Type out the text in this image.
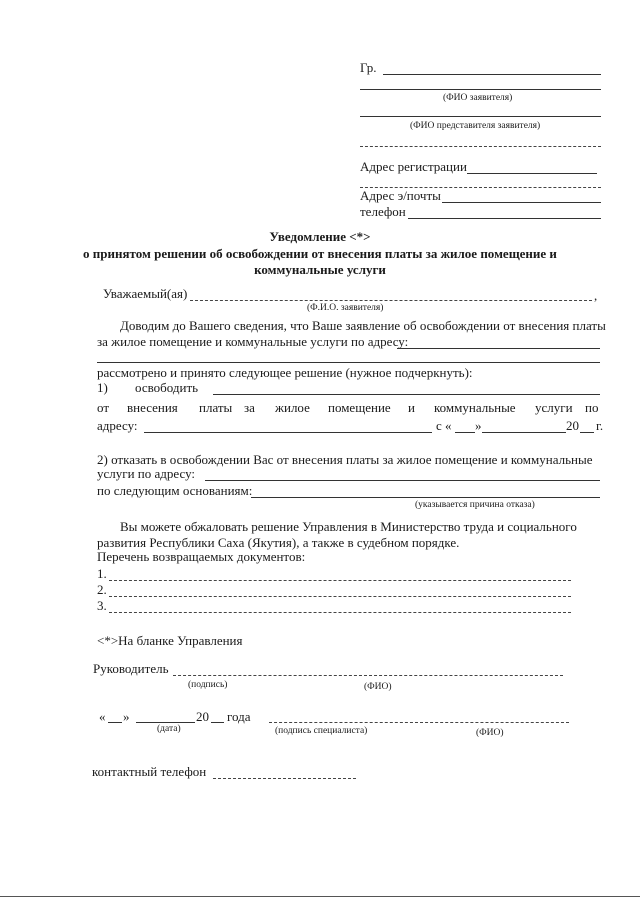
Гр.
(ФИО заявителя)
(ФИО представителя заявителя)
Адрес регистрации
Адрес э/почты
телефон
Уведомление <*>
о принятом решении об освобождении от внесения платы за жилое помещение и
коммунальные услуги
Уважаемый(ая)	,
(Ф.И.О. заявителя)
Доводим до Вашего сведения, что Ваше заявление об освобождении от внесения платы
за жилое помещение и коммунальные услуги по адресу:
рассмотрено и принято следующее решение (нужное подчеркнуть):
1) освободить
от внесения платы за жилое помещение и коммунальные услуги по
адресу:	с « »	20 г.
2) отказать в освобождении Вас от внесения платы за жилое помещение и коммунальные
услуги по адресу:
по следующим основаниям:
(указывается причина отказа)
Вы можете обжаловать решение Управления в Министерство труда и социального
развития Республики Саха (Якутия), а также в судебном порядке.
Перечень возвращаемых документов:
1.
2.
3.
<*>На бланке Управления
Руководитель
(подпись)	(ФИО)
« »	20 года
(дата)	(подпись специалиста)	(ФИО)
контактный телефон
